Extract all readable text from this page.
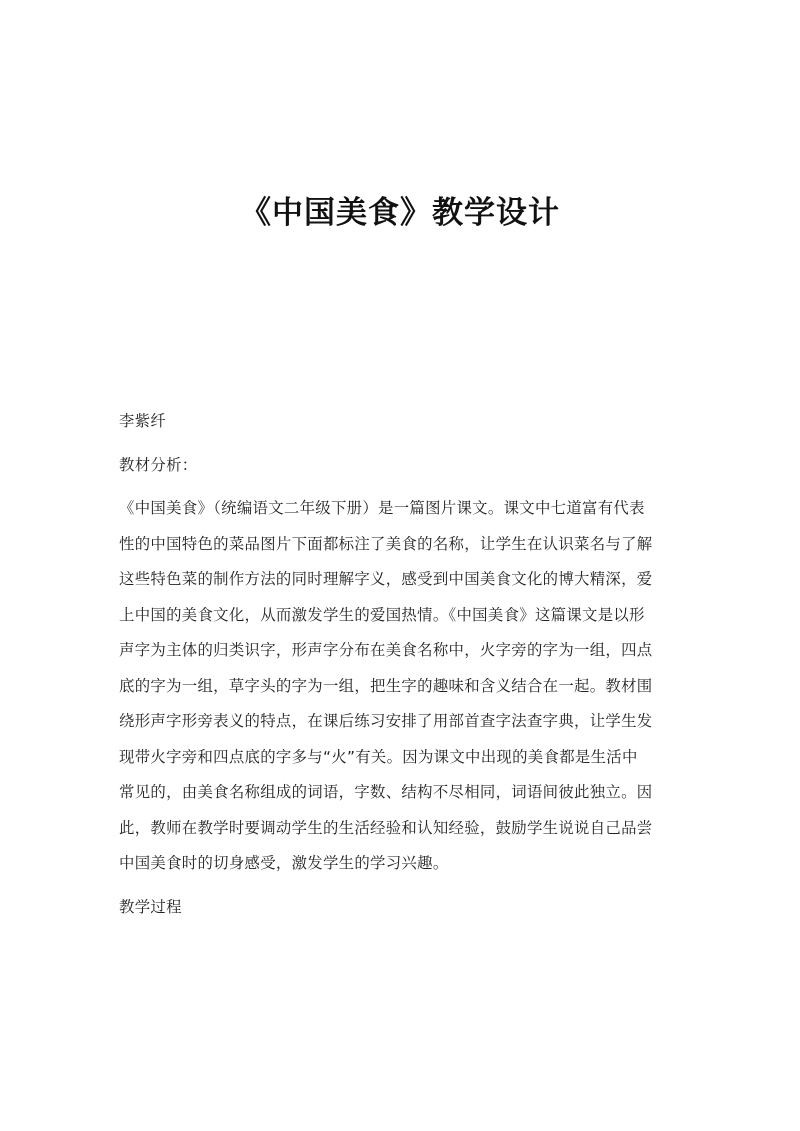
《中国美食》教学设计
李紫纤
教材分析：
《中国美食》（统编语文二年级下册）是一篇图片课文。课文中七道富有代表
性的中国特色的菜品图片下面都标注了美食的名称，让学生在认识菜名与了解
这些特色菜的制作方法的同时理解字义，感受到中国美食文化的博大精深，爱
上中国的美食文化，从而激发学生的爱国热情。《中国美食》这篇课文是以形
声字为主体的归类识字，形声字分布在美食名称中，火字旁的字为一组，四点
底的字为一组，草字头的字为一组，把生字的趣味和含义结合在一起。教材围
绕形声字形旁表义的特点，在课后练习安排了用部首查字法查字典，让学生发
现带火字旁和四点底的字多与“火”有关。因为课文中出现的美食都是生活中
常见的，由美食名称组成的词语，字数、结构不尽相同，词语间彼此独立。因
此，教师在教学时要调动学生的生活经验和认知经验，鼓励学生说说自己品尝
中国美食时的切身感受，激发学生的学习兴趣。
教学过程
